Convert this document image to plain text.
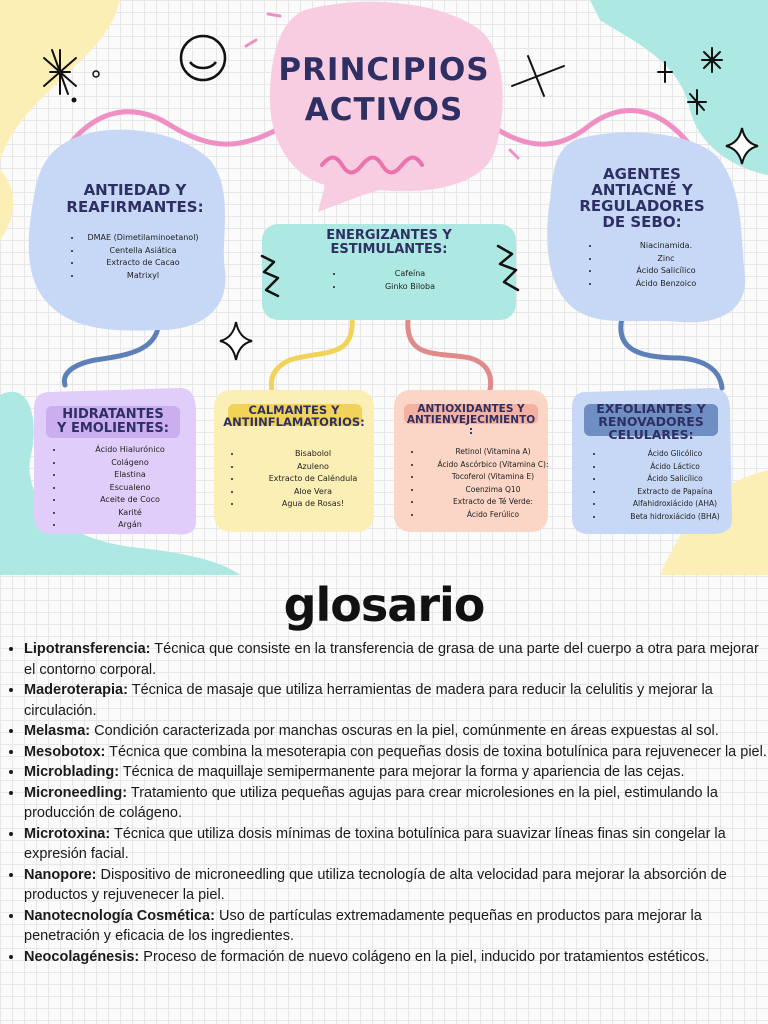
PRINCIPIOS
ACTIVOS
ANTIEDAD Y
REAFIRMANTES:
• DMAE (Dimetilaminoetanol)
• Centella Asiática
• Extracto de Cacao
• Matrixyl
ENERGIZANTES Y
ESTIMULANTES:
• Cafeína
• Ginko Biloba
AGENTES
ANTIACNÉ Y
REGULADORES
DE SEBO:
• Niacinamida.
• Zinc
• Ácido Salicílico
• Ácido Benzoico
HIDRATANTES
Y EMOLIENTES:
• Ácido Hialurónico
• Colágeno
• Elastina
• Escualeno
• Aceite de Coco
• Karité
• Argán
CALMANTES Y
ANTIINFLAMATORIOS:
• Bisabolol
• Azuleno
• Extracto de Caléndula
• Aloe Vera
• Agua de Rosas!
ANTIOXIDANTES Y
ANTIENVEJECIMIENTO
:
• Retinol (Vitamina A)
• Ácido Ascórbico (Vitamina C):
• Tocoferol (Vitamina E)
• Coenzima Q10
• Extracto de Té Verde:
• Ácido Ferúlico
EXFOLIANTES Y
RENOVADORES
CELULARES:
• Ácido Glicólico
• Ácido Láctico
• Ácido Salicílico
• Extracto de Papaína
• Alfahidroxiácido (AHA)
• Beta hidroxiácido (BHA)
glosario
• Lipotransferencia: Técnica que consiste en la transferencia de grasa de una parte del cuerpo a otra para mejorar el contorno corporal.
• Maderoterapia: Técnica de masaje que utiliza herramientas de madera para reducir la celulitis y mejorar la circulación.
• Melasma: Condición caracterizada por manchas oscuras en la piel, comúnmente en áreas expuestas al sol.
• Mesobotox: Técnica que combina la mesoterapia con pequeñas dosis de toxina botulínica para rejuvenecer la piel.
• Microblading: Técnica de maquillaje semipermanente para mejorar la forma y apariencia de las cejas.
• Microneedling: Tratamiento que utiliza pequeñas agujas para crear microlesiones en la piel, estimulando la producción de colágeno.
• Microtoxina: Técnica que utiliza dosis mínimas de toxina botulínica para suavizar líneas finas sin congelar la expresión facial.
• Nanopore: Dispositivo de microneedling que utiliza tecnología de alta velocidad para mejorar la absorción de productos y rejuvenecer la piel.
• Nanotecnología Cosmética: Uso de partículas extremadamente pequeñas en productos para mejorar la penetración y eficacia de los ingredientes.
• Neocolagénesis: Proceso de formación de nuevo colágeno en la piel, inducido por tratamientos estéticos.
